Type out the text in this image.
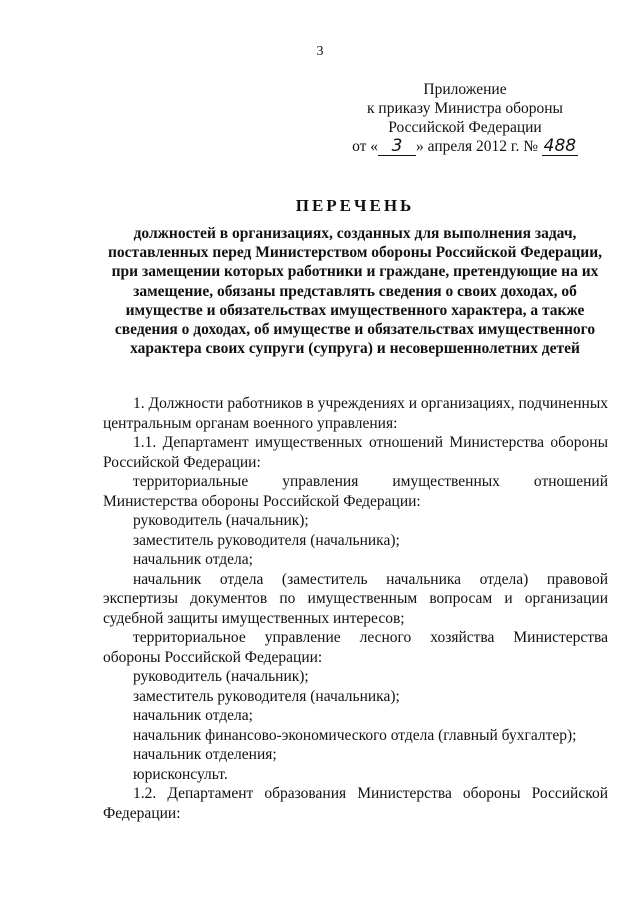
3
Приложение
к приказу Министра обороны
Российской Федерации
от « 3 » апреля 2012 г. № 488
ПЕРЕЧЕНЬ
должностей в организациях, созданных для выполнения задач, поставленных перед Министерством обороны Российской Федерации, при замещении которых работники и граждане, претендующие на их замещение, обязаны представлять сведения о своих доходах, об имуществе и обязательствах имущественного характера, а также сведения о доходах, об имуществе и обязательствах имущественного характера своих супруги (супруга) и несовершеннолетних детей

1. Должности работников в учреждениях и организациях, подчиненных центральным органам военного управления:

1.1. Департамент имущественных отношений Министерства обороны Российской Федерации:

территориальные управления имущественных отношений Министерства обороны Российской Федерации:

руководитель (начальник);

заместитель руководителя (начальника);

начальник отдела;

начальник отдела (заместитель начальника отдела) правовой экспертизы документов по имущественным вопросам и организации судебной защиты имущественных интересов;

территориальное управление лесного хозяйства Министерства обороны Российской Федерации:

руководитель (начальник);

заместитель руководителя (начальника);

начальник отдела;

начальник финансово-экономического отдела (главный бухгалтер);

начальник отделения;

юрисконсульт.

1.2. Департамент образования Министерства обороны Российской Федерации:
